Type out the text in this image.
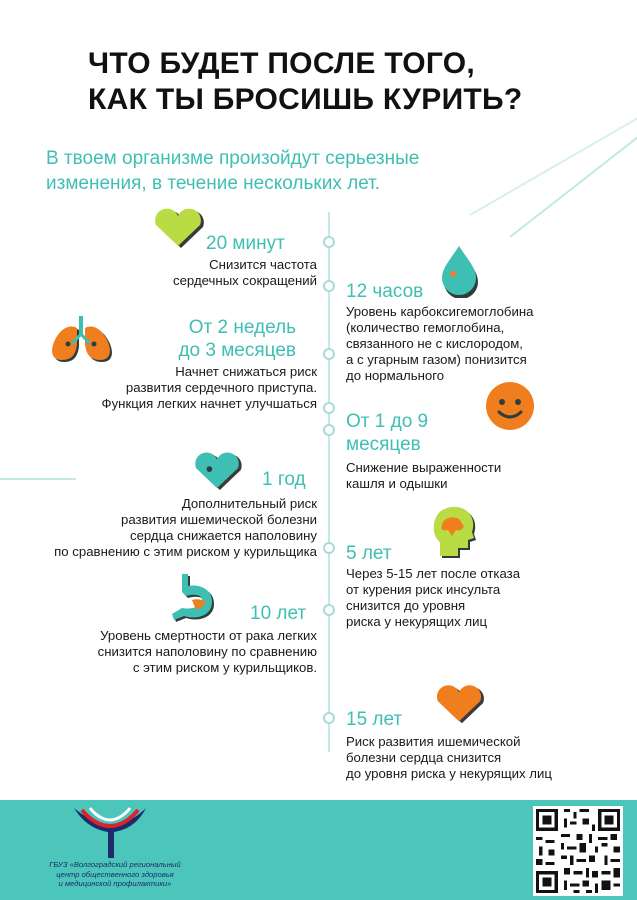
ЧТО БУДЕТ ПОСЛЕ ТОГО,
КАК ТЫ БРОСИШЬ КУРИТЬ?
В твоем организме произойдут серьезные
изменения, в течение нескольких лет.
20 минут
Снизится частота
сердечных сокращений
12 часов
Уровень карбоксигемоглобина
(количество гемоглобина,
связанного не с кислородом,
а с угарным газом) понизится
до нормального
От 2 недель
до 3 месяцев
Начнет снижаться риск
развития сердечного приступа.
Функция легких начнет улучшаться
От 1 до 9
месяцев
Снижение выраженности
кашля и одышки
1 год
Дополнительный риск
развития ишемической болезни
сердца снижается наполовину
по сравнению с этим риском у курильщика 5 лет
Через 5-15 лет после отказа
от курения риск инсульта
снизится до уровня
риска у некурящих лиц
10 лет
Уровень смертности от рака легких
снизится наполовину по сравнению
с этим риском у курильщиков.
15 лет
Риск развития ишемической
болезни сердца снизится
до уровня риска у некурящих лиц
ГБУЗ «Волгоградский региональный
центр общественного здоровья
и медицинской профилактики»
